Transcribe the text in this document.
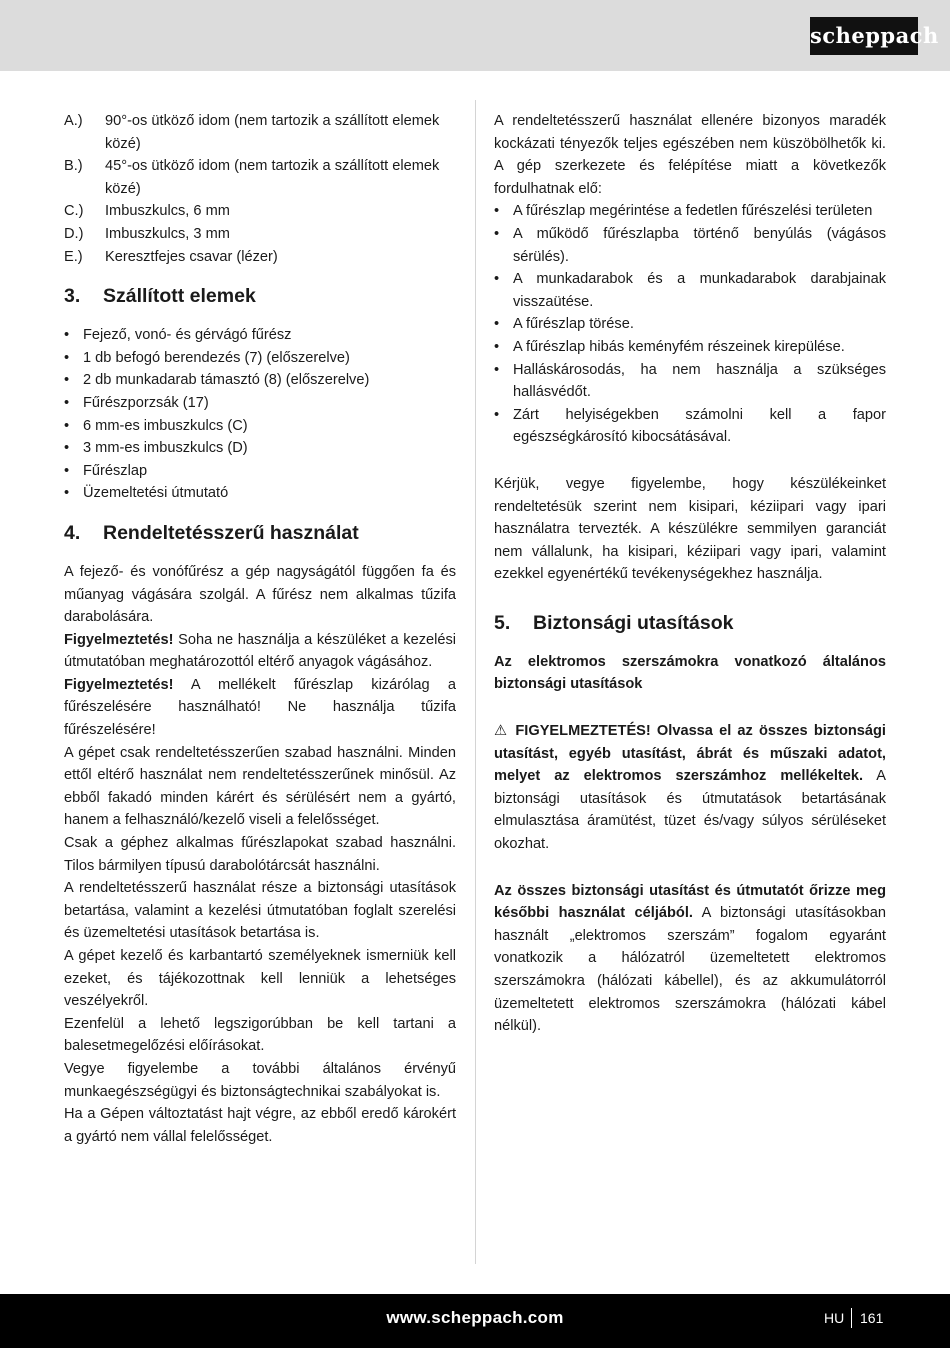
scheppach
A.)	90°-os ütköző idom (nem tartozik a szállított elemek közé)
B.)	45°-os ütköző idom (nem tartozik a szállított elemek közé)
C.)	Imbuszkulcs, 6 mm
D.)	Imbuszkulcs, 3 mm
E.)	Keresztfejes csavar (lézer)
3.	Szállított elemek
• Fejező, vonó- és gérvágó fűrész
• 1 db befogó berendezés (7) (előszerelve)
• 2 db munkadarab támasztó (8) (előszerelve)
• Fűrészporzsák (17)
• 6 mm-es imbuszkulcs (C)
• 3 mm-es imbuszkulcs (D)
• Fűrészlap
• Üzemeltetési útmutató
4.	Rendeltetésszerű használat

A fejező- és vonófűrész a gép nagyságától függően fa és műanyag vágására szolgál. A fűrész nem alkalmas tűzifa darabolására.

Figyelmeztetés! Soha ne használja a készüléket a kezelési útmutatóban meghatározottól eltérő anyagok vágásához.

Figyelmeztetés! A mellékelt fűrészlap kizárólag a fűrészelésére használható! Ne használja tűzifa fűrészelésére!

A gépet csak rendeltetésszerűen szabad használni. Minden ettől eltérő használat nem rendeltetésszerűnek minősül. Az ebből fakadó minden kárért és sérülésért nem a gyártó, hanem a felhasználó/kezelő viseli a felelősséget.

Csak a géphez alkalmas fűrészlapokat szabad használni. Tilos bármilyen típusú darabolótárcsát használni.

A rendeltetésszerű használat része a biztonsági utasítások betartása, valamint a kezelési útmutatóban foglalt szerelési és üzemeltetési utasítások betartása is.

A gépet kezelő és karbantartó személyeknek ismerniük kell ezeket, és tájékozottnak kell lenniük a lehetséges veszélyekről.

Ezenfelül a lehető legszigorúbban be kell tartani a balesetmegelőzési előírásokat.

Vegye figyelembe a további általános érvényű munkaegészségügyi és biztonságtechnikai szabályokat is.

Ha a Gépen változtatást hajt végre, az ebből eredő károkért a gyártó nem vállal felelősséget.

A rendeltetésszerű használat ellenére bizonyos maradék kockázati tényezők teljes egészében nem küszöbölhetők ki. A gép szerkezete és felépítése miatt a következők fordulhatnak elő:

• A fűrészlap megérintése a fedetlen fűrészelési területen
• A működő fűrészlapba történő benyúlás (vágásos sérülés).
• A munkadarabok és a munkadarabok darabjainak visszaütése.
• A fűrészlap törése.
• A fűrészlap hibás keményfém részeinek kirepülése.
• Halláskárosodás, ha nem használja a szükséges hallásvédőt.
• Zárt helyiségekben számolni kell a fapor egészségkárosító kibocsátásával.

Kérjük, vegye figyelembe, hogy készülékeinket rendeltetésük szerint nem kisipari, kéziipari vagy ipari használatra tervezték. A készülékre semmilyen garanciát nem vállalunk, ha kisipari, kéziipari vagy ipari, valamint ezekkel egyenértékű tevékenységekhez használja.

5.	Biztonsági utasítások

Az elektromos szerszámokra vonatkozó általános biztonsági utasítások

⚠ FIGYELMEZTETÉS! Olvassa el az összes biztonsági utasítást, egyéb utasítást, ábrát és műszaki adatot, melyet az elektromos szerszámhoz mellékeltek. A biztonsági utasítások és útmutatások betartásának elmulasztása áramütést, tüzet és/vagy súlyos sérüléseket okozhat.

Az összes biztonsági utasítást és útmutatót őrizze meg későbbi használat céljából. A biztonsági utasításokban használt „elektromos szerszám” fogalom egyaránt vonatkozik a hálózatról üzemeltetett elektromos szerszámokra (hálózati kábellel), és az akkumulátorról üzemeltetett elektromos szerszámokra (hálózati kábel nélkül).

www.scheppach.com	HU 161
